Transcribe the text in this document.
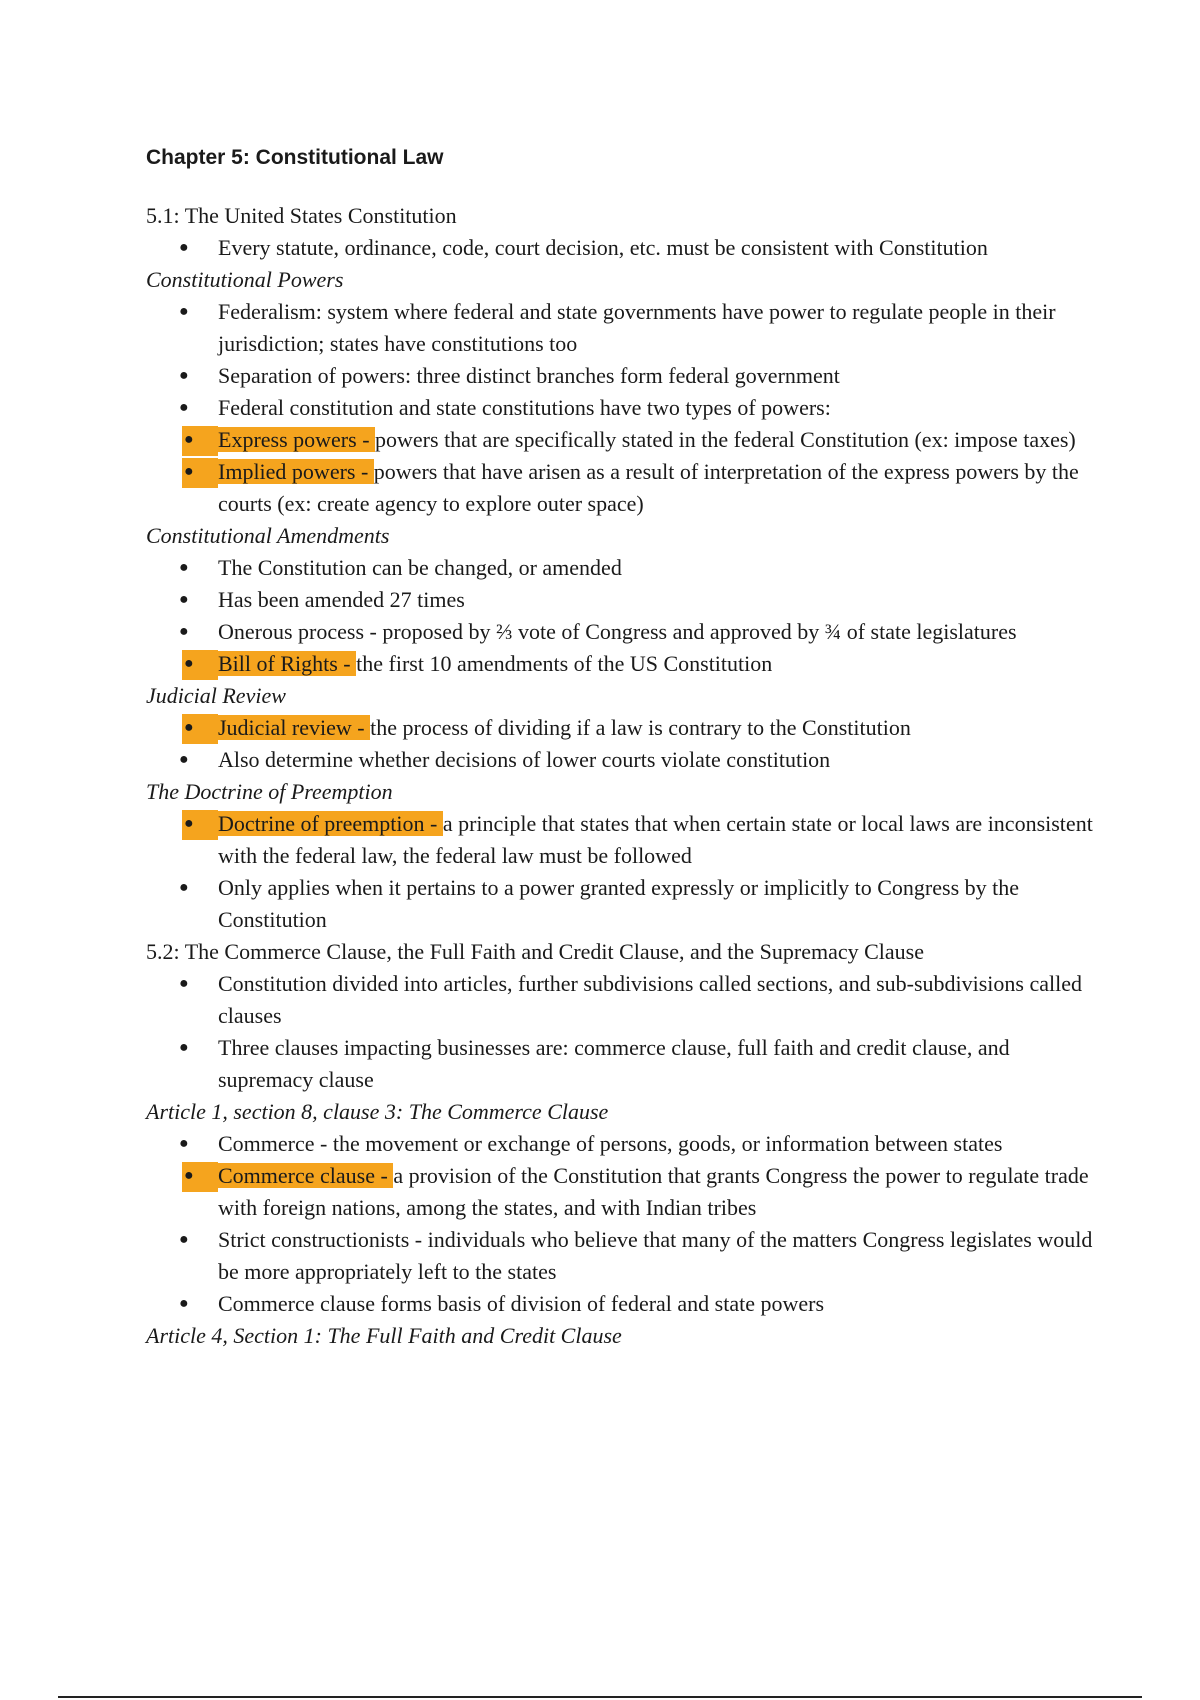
Chapter 5: Constitutional Law
5.1: The United States Constitution
● Every statute, ordinance, code, court decision, etc. must be consistent with Constitution
Constitutional Powers
● Federalism: system where federal and state governments have power to regulate people in their jurisdiction; states have constitutions too
● Separation of powers: three distinct branches form federal government
● Federal constitution and state constitutions have two types of powers:
● Express powers - powers that are specifically stated in the federal Constitution (ex: impose taxes)
● Implied powers - powers that have arisen as a result of interpretation of the express powers by the courts (ex: create agency to explore outer space)
Constitutional Amendments
● The Constitution can be changed, or amended
● Has been amended 27 times
● Onerous process - proposed by ⅔ vote of Congress and approved by ¾ of state legislatures
● Bill of Rights - the first 10 amendments of the US Constitution
Judicial Review
● Judicial review - the process of dividing if a law is contrary to the Constitution
● Also determine whether decisions of lower courts violate constitution
The Doctrine of Preemption
● Doctrine of preemption - a principle that states that when certain state or local laws are inconsistent with the federal law, the federal law must be followed
● Only applies when it pertains to a power granted expressly or implicitly to Congress by the Constitution
5.2: The Commerce Clause, the Full Faith and Credit Clause, and the Supremacy Clause
● Constitution divided into articles, further subdivisions called sections, and sub-subdivisions called clauses
● Three clauses impacting businesses are: commerce clause, full faith and credit clause, and supremacy clause
Article 1, section 8, clause 3: The Commerce Clause
● Commerce - the movement or exchange of persons, goods, or information between states
● Commerce clause - a provision of the Constitution that grants Congress the power to regulate trade with foreign nations, among the states, and with Indian tribes
● Strict constructionists - individuals who believe that many of the matters Congress legislates would be more appropriately left to the states
● Commerce clause forms basis of division of federal and state powers
Article 4, Section 1: The Full Faith and Credit Clause
